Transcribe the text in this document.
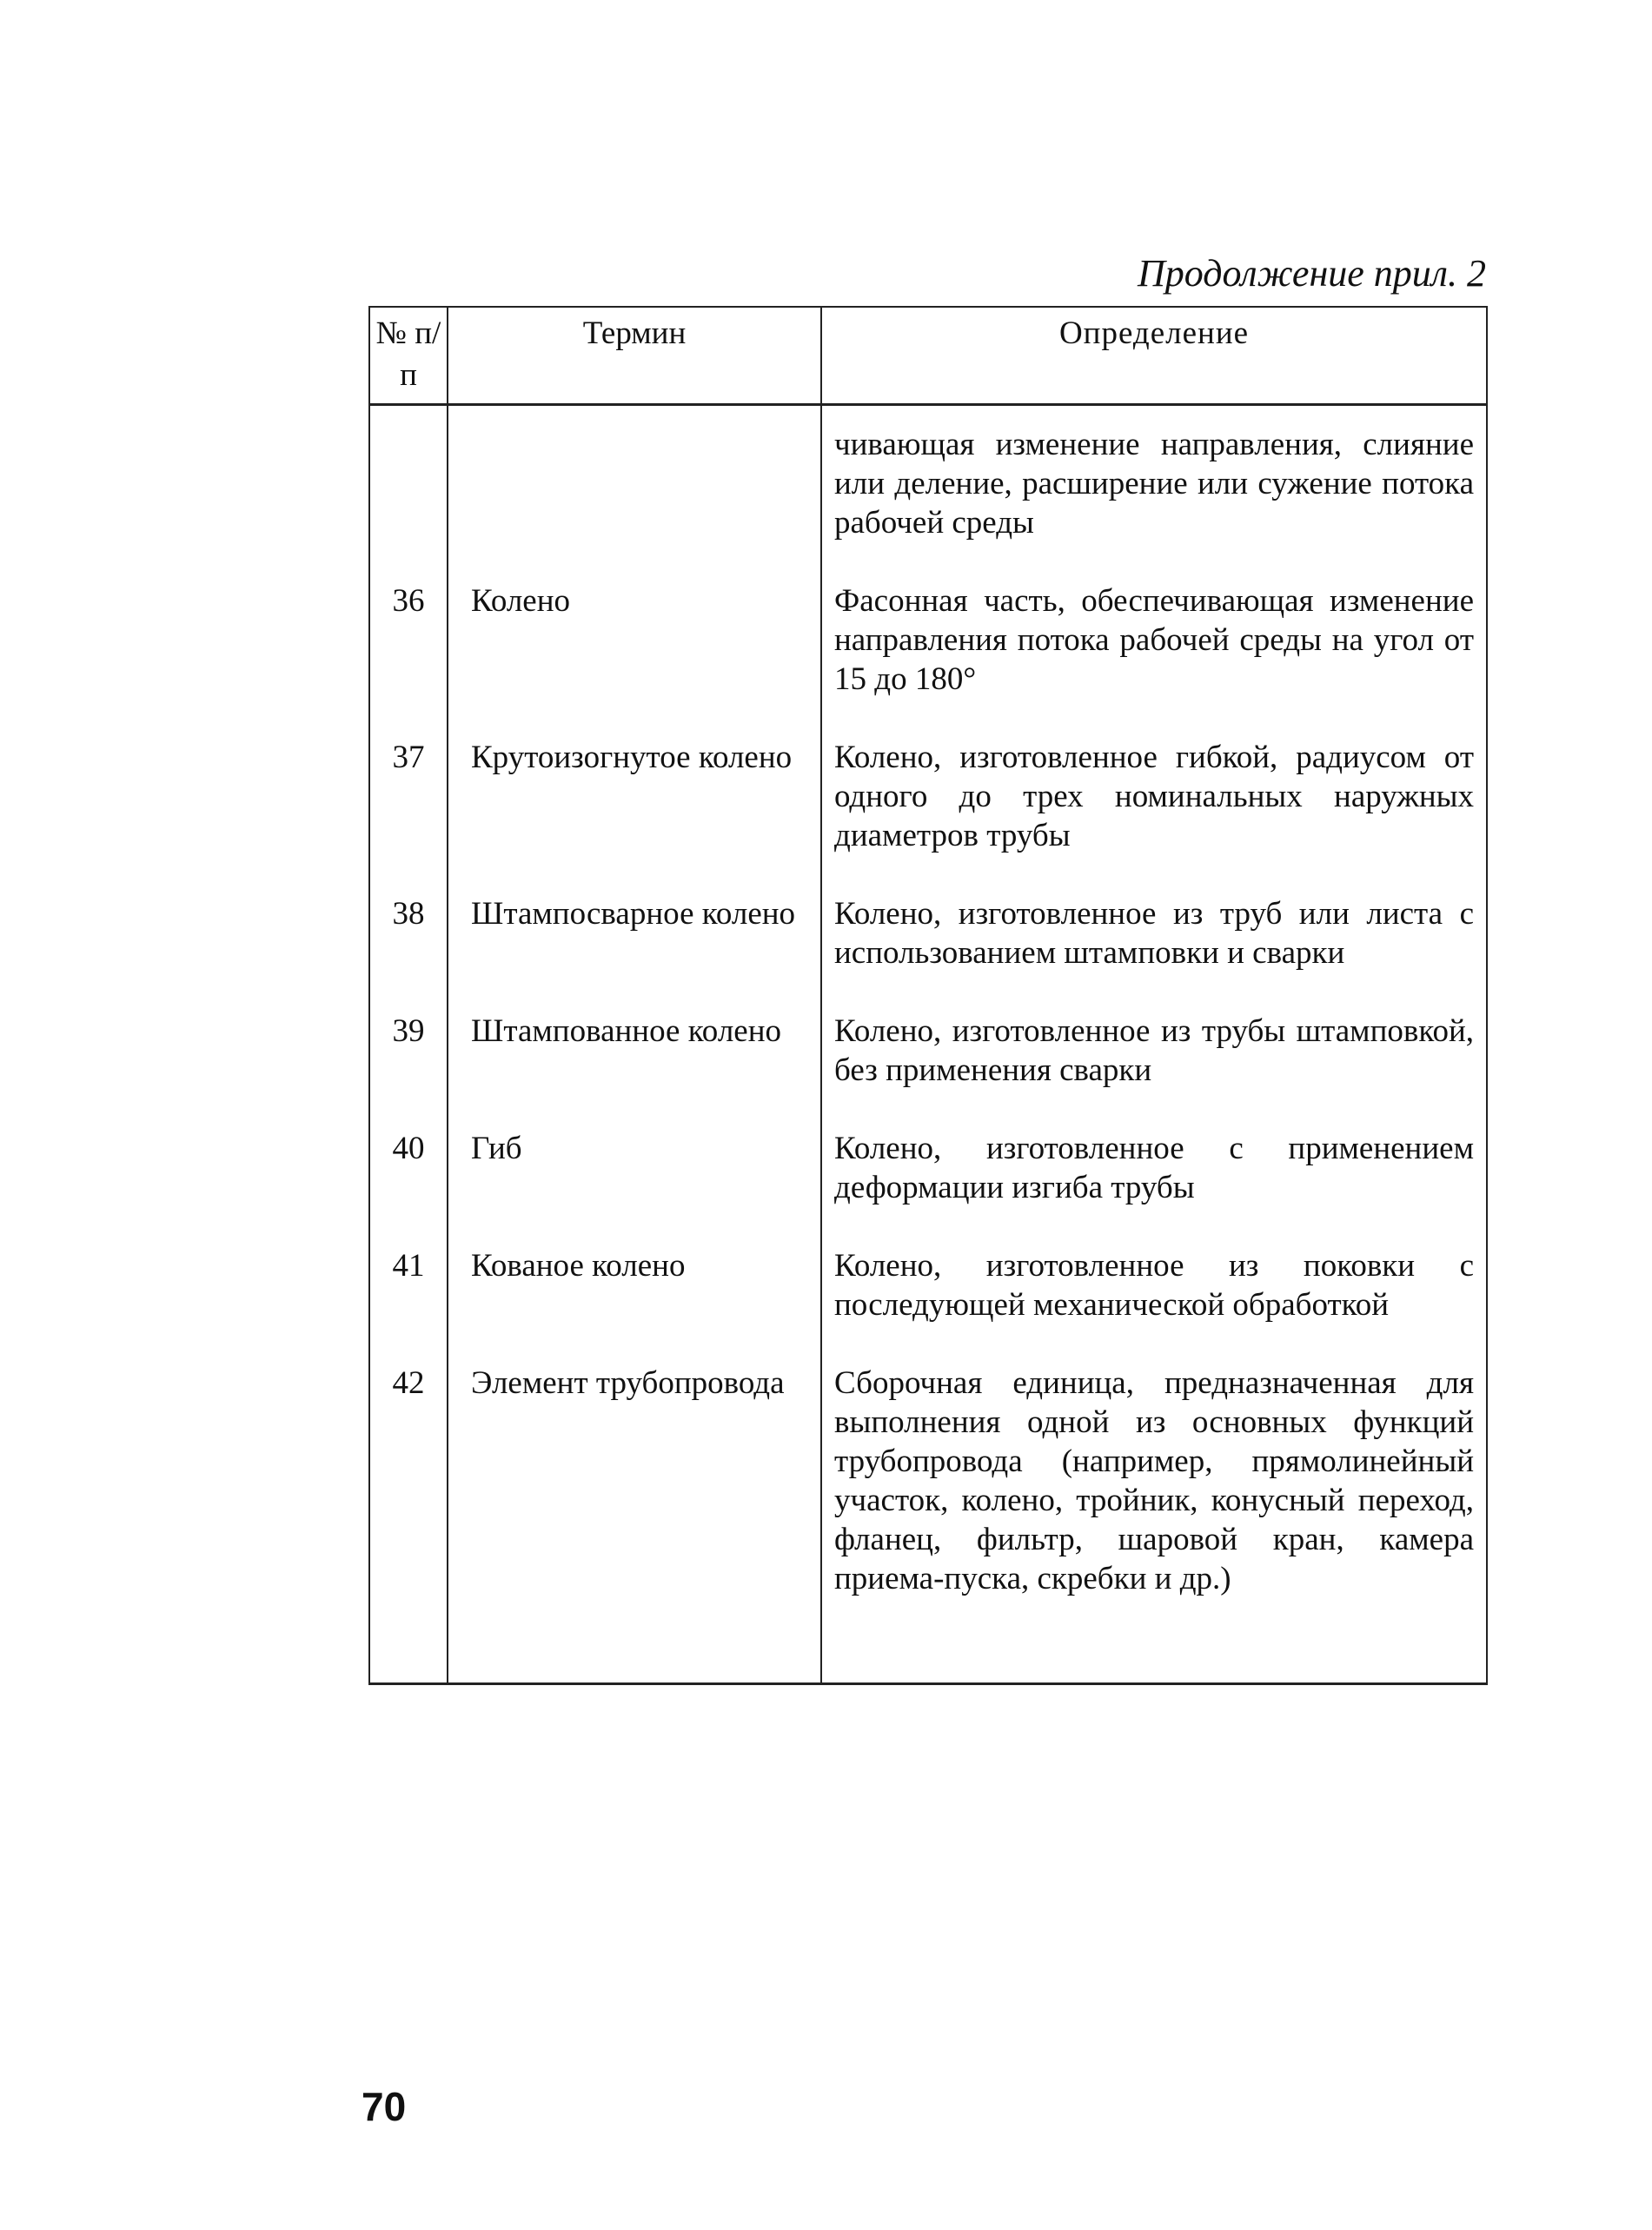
Продолжение прил. 2
№ п/п	Термин	Определение
		чивающая изменение направления, слияние или деление, расширение или сужение потока рабочей среды
36	Колено	Фасонная часть, обеспечивающая изменение направления потока рабочей среды на угол от 15 до 180°
37	Крутоизогнутое колено	Колено, изготовленное гибкой, радиусом от одного до трех номинальных наружных диаметров трубы
38	Штампосварное колено	Колено, изготовленное из труб или листа с использованием штамповки и сварки
39	Штампованное колено	Колено, изготовленное из трубы штамповкой, без применения сварки
40	Гиб	Колено, изготовленное с применением деформации изгиба трубы
41	Кованое колено	Колено, изготовленное из поковки с последующей механической обработкой
42	Элемент трубопровода	Сборочная единица, предназначенная для выполнения одной из основных функций трубопровода (например, прямолинейный участок, колено, тройник, конусный переход, фланец, фильтр, шаровой кран, камера приема-пуска, скребки и др.)
70
